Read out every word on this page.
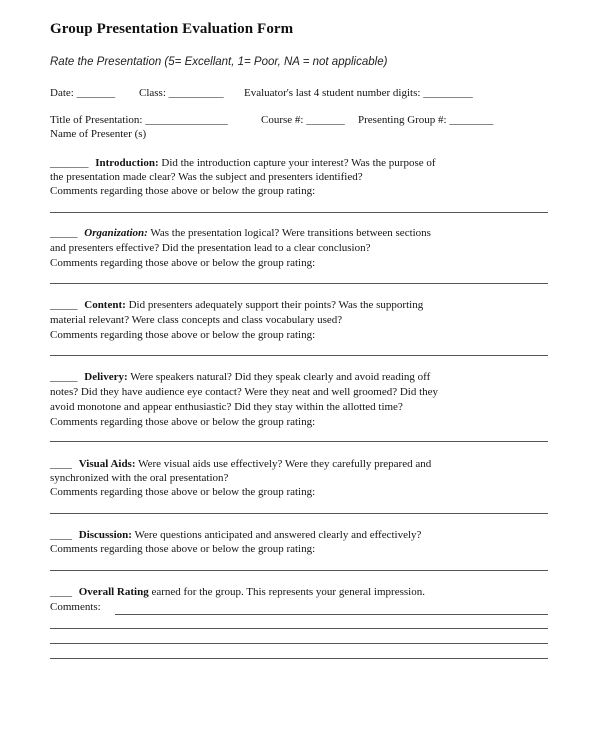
Group Presentation Evaluation Form
Rate the Presentation (5= Excellant, 1= Poor, NA = not applicable)
Date: _______ Class: __________ Evaluator's last 4 student number digits: _________
Title of Presentation: _______________	Course #: _______ Presenting Group #: ________
Name of Presenter (s)
_______ Introduction: Did the introduction capture your interest? Was the purpose of
the presentation made clear? Was the subject and presenters identified?
Comments regarding those above or below the group rating:
_____ Organization: Was the presentation logical? Were transitions between sections
and presenters effective? Did the presentation lead to a clear conclusion?
Comments regarding those above or below the group rating:
_____ Content: Did presenters adequately support their points? Was the supporting
material relevant? Were class concepts and class vocabulary used?
Comments regarding those above or below the group rating:
_____ Delivery: Were speakers natural? Did they speak clearly and avoid reading off
notes? Did they have audience eye contact? Were they neat and well groomed? Did they
avoid monotone and appear enthusiastic? Did they stay within the allotted time?
Comments regarding those above or below the group rating:
____ Visual Aids: Were visual aids use effectively? Were they carefully prepared and
synchronized with the oral presentation?
Comments regarding those above or below the group rating:
____ Discussion: Were questions anticipated and answered clearly and effectively?
Comments regarding those above or below the group rating:
____ Overall Rating earned for the group. This represents your general impression.
Comments:
